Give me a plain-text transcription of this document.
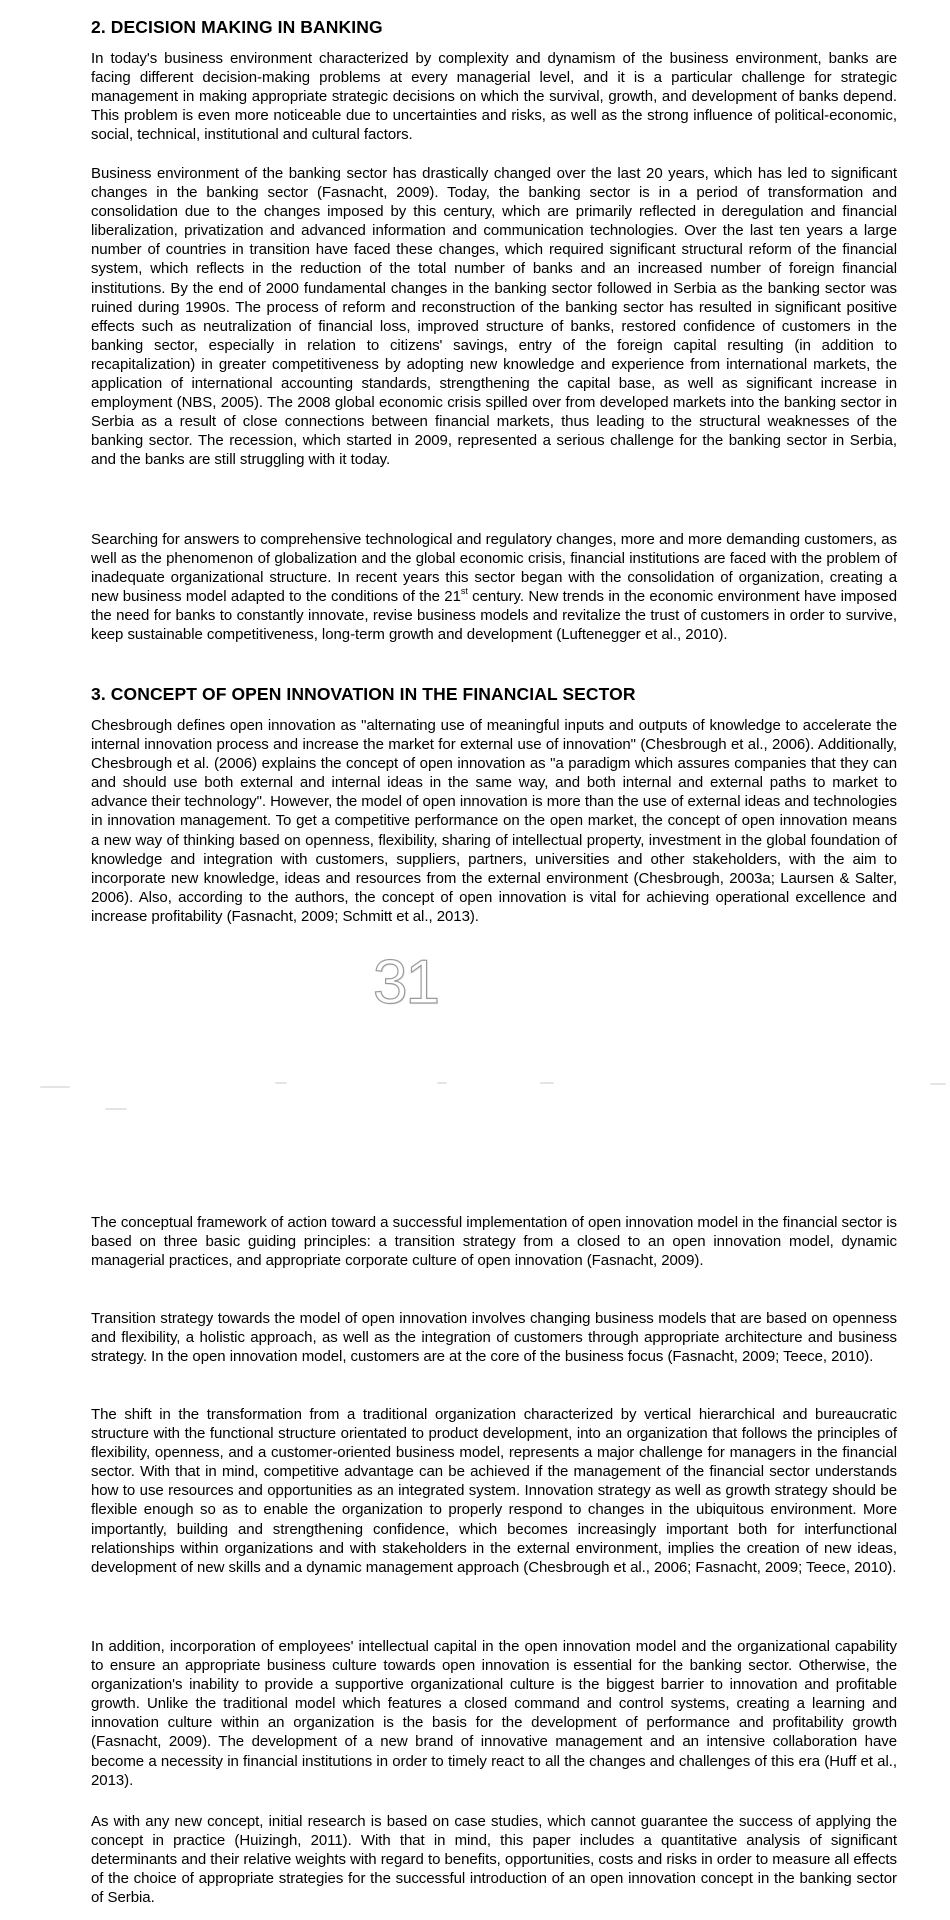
2. DECISION MAKING IN BANKING

In today's business environment characterized by complexity and dynamism of the business environment, banks are facing different decision-making problems at every managerial level, and it is a particular challenge for strategic management in making appropriate strategic decisions on which the survival, growth, and development of banks depend. This problem is even more noticeable due to uncertainties and risks, as well as the strong influence of political-economic, social, technical, institutional and cultural factors.

Business environment of the banking sector has drastically changed over the last 20 years, which has led to significant changes in the banking sector (Fasnacht, 2009). Today, the banking sector is in a period of transformation and consolidation due to the changes imposed by this century, which are primarily reflected in deregulation and financial liberalization, privatization and advanced information and communication technologies. Over the last ten years a large number of countries in transition have faced these changes, which required significant structural reform of the financial system, which reflects in the reduction of the total number of banks and an increased number of foreign financial institutions. By the end of 2000 fundamental changes in the banking sector followed in Serbia as the banking sector was ruined during 1990s. The process of reform and reconstruction of the banking sector has resulted in significant positive effects such as neutralization of financial loss, improved structure of banks, restored confidence of customers in the banking sector, especially in relation to citizens' savings, entry of the foreign capital resulting (in addition to recapitalization) in greater competitiveness by adopting new knowledge and experience from international markets, the application of international accounting standards, strengthening the capital base, as well as significant increase in employment (NBS, 2005). The 2008 global economic crisis spilled over from developed markets into the banking sector in Serbia as a result of close connections between financial markets, thus leading to the structural weaknesses of the banking sector. The recession, which started in 2009, represented a serious challenge for the banking sector in Serbia, and the banks are still struggling with it today.

Searching for answers to comprehensive technological and regulatory changes, more and more demanding customers, as well as the phenomenon of globalization and the global economic crisis, financial institutions are faced with the problem of inadequate organizational structure. In recent years this sector began with the consolidation of organization, creating a new business model adapted to the conditions of the 21st century. New trends in the economic environment have imposed the need for banks to constantly innovate, revise business models and revitalize the trust of customers in order to survive, keep sustainable competitiveness, long-term growth and development (Luftenegger et al., 2010).

3. CONCEPT OF OPEN INNOVATION IN THE FINANCIAL SECTOR

Chesbrough defines open innovation as "alternating use of meaningful inputs and outputs of knowledge to accelerate the internal innovation process and increase the market for external use of innovation" (Chesbrough et al., 2006). Additionally, Chesbrough et al. (2006) explains the concept of open innovation as "a paradigm which assures companies that they can and should use both external and internal ideas in the same way, and both internal and external paths to market to advance their technology". However, the model of open innovation is more than the use of external ideas and technologies in innovation management. To get a competitive performance on the open market, the concept of open innovation means a new way of thinking based on openness, flexibility, sharing of intellectual property, investment in the global foundation of knowledge and integration with customers, suppliers, partners, universities and other stakeholders, with the aim to incorporate new knowledge, ideas and resources from the external environment (Chesbrough, 2003a; Laursen & Salter, 2006). Also, according to the authors, the concept of open innovation is vital for achieving operational excellence and increase profitability (Fasnacht, 2009; Schmitt et al., 2013).

31

The conceptual framework of action toward a successful implementation of open innovation model in the financial sector is based on three basic guiding principles: a transition strategy from a closed to an open innovation model, dynamic managerial practices, and appropriate corporate culture of open innovation (Fasnacht, 2009).

Transition strategy towards the model of open innovation involves changing business models that are based on openness and flexibility, a holistic approach, as well as the integration of customers through appropriate architecture and business strategy. In the open innovation model, customers are at the core of the business focus (Fasnacht, 2009; Teece, 2010).

The shift in the transformation from a traditional organization characterized by vertical hierarchical and bureaucratic structure with the functional structure orientated to product development, into an organization that follows the principles of flexibility, openness, and a customer-oriented business model, represents a major challenge for managers in the financial sector. With that in mind, competitive advantage can be achieved if the management of the financial sector understands how to use resources and opportunities as an integrated system. Innovation strategy as well as growth strategy should be flexible enough so as to enable the organization to properly respond to changes in the ubiquitous environment. More importantly, building and strengthening confidence, which becomes increasingly important both for interfunctional relationships within organizations and with stakeholders in the external environment, implies the creation of new ideas, development of new skills and a dynamic management approach (Chesbrough et al., 2006; Fasnacht, 2009; Teece, 2010).

In addition, incorporation of employees' intellectual capital in the open innovation model and the organizational capability to ensure an appropriate business culture towards open innovation is essential for the banking sector. Otherwise, the organization's inability to provide a supportive organizational culture is the biggest barrier to innovation and profitable growth. Unlike the traditional model which features a closed command and control systems, creating a learning and innovation culture within an organization is the basis for the development of performance and profitability growth (Fasnacht, 2009). The development of a new brand of innovative management and an intensive collaboration have become a necessity in financial institutions in order to timely react to all the changes and challenges of this era (Huff et al., 2013).

As with any new concept, initial research is based on case studies, which cannot guarantee the success of applying the concept in practice (Huizingh, 2011). With that in mind, this paper includes a quantitative analysis of significant determinants and their relative weights with regard to benefits, opportunities, costs and risks in order to measure all effects of the choice of appropriate strategies for the successful introduction of an open innovation concept in the banking sector of Serbia.
